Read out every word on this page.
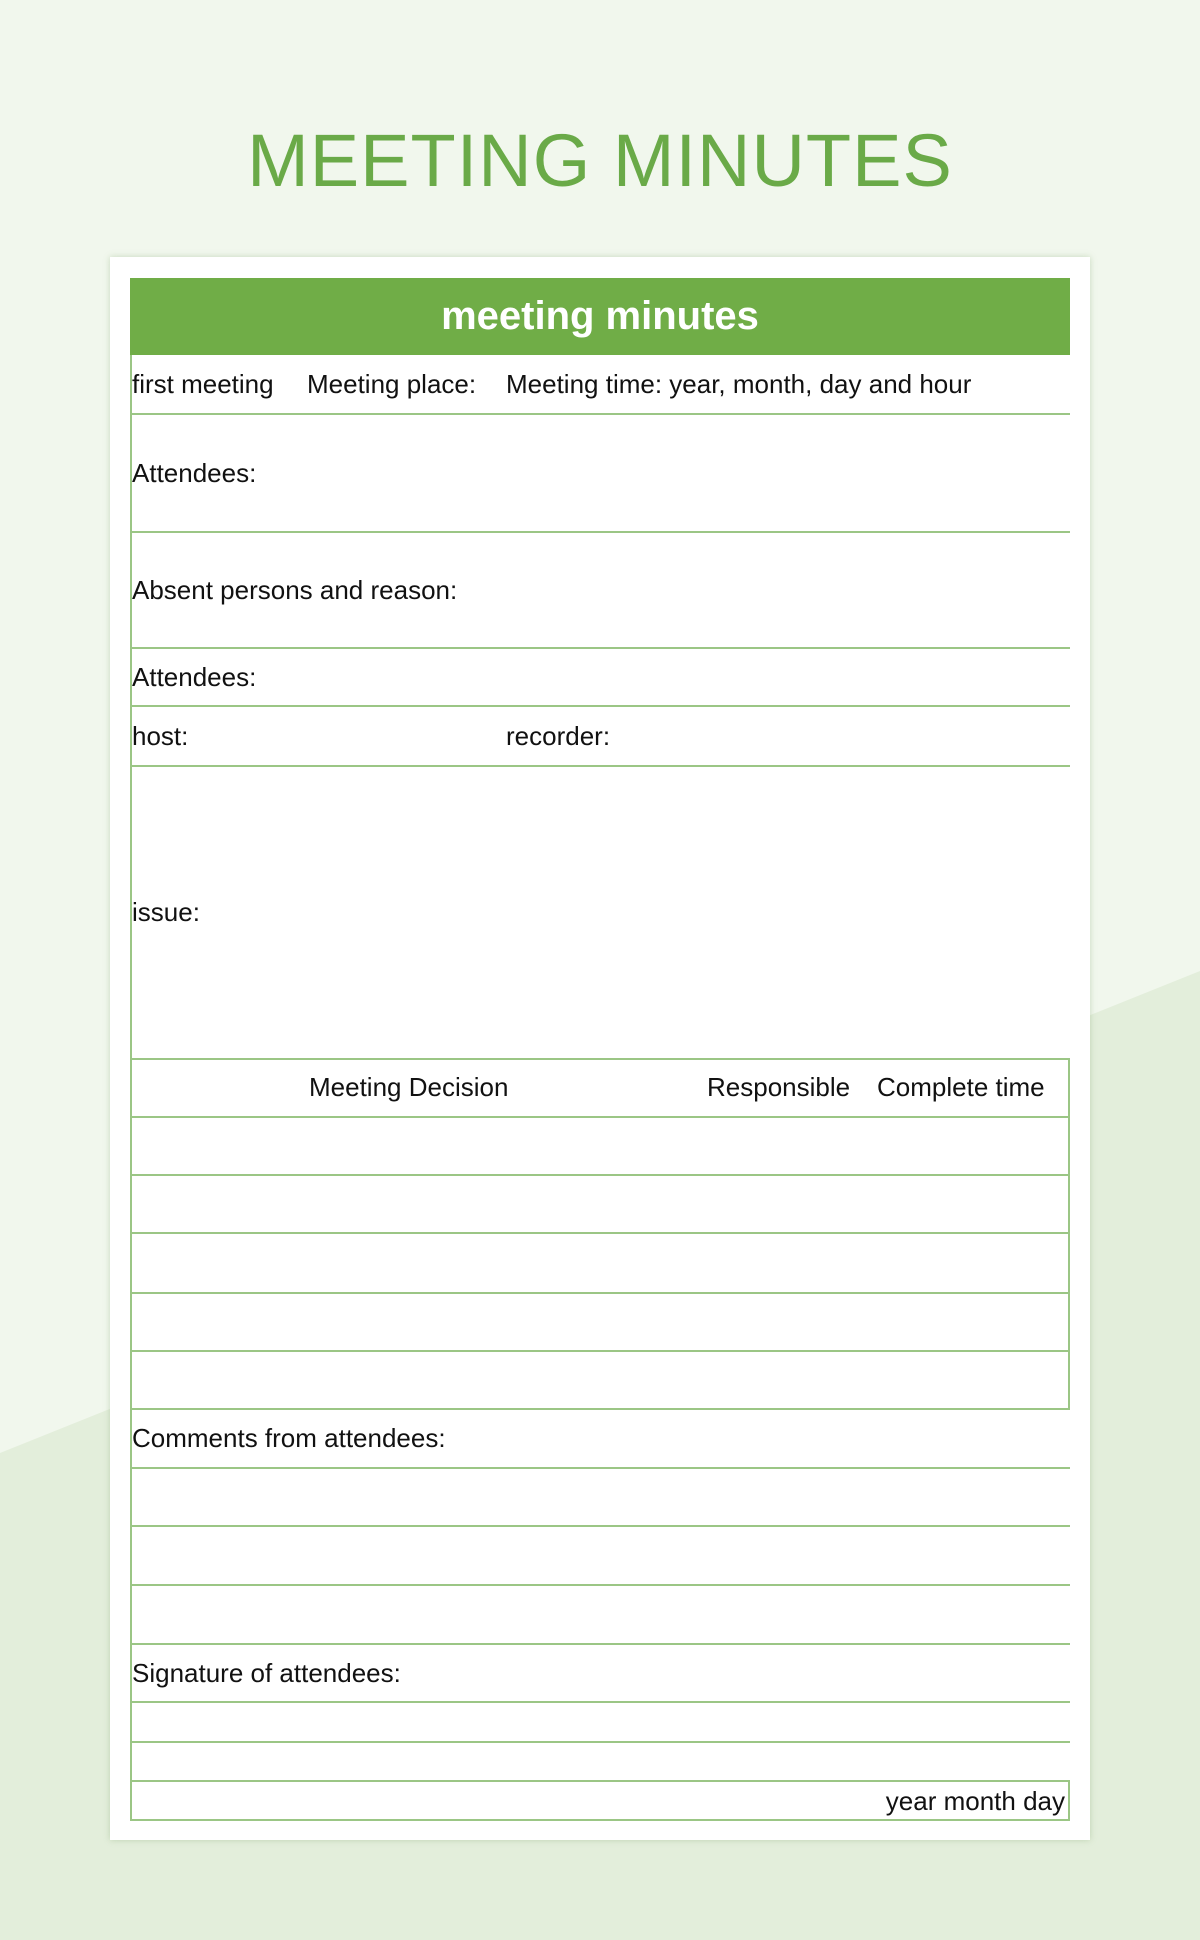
MEETING MINUTES
meeting minutes
first meeting Meeting place: Meeting time: year, month, day and hour
Attendees:
Absent persons and reason:
Attendees:
host:	recorder:
issue:
Meeting Decision	Responsible Complete time
Comments from attendees:
Signature of attendees:
year month day
